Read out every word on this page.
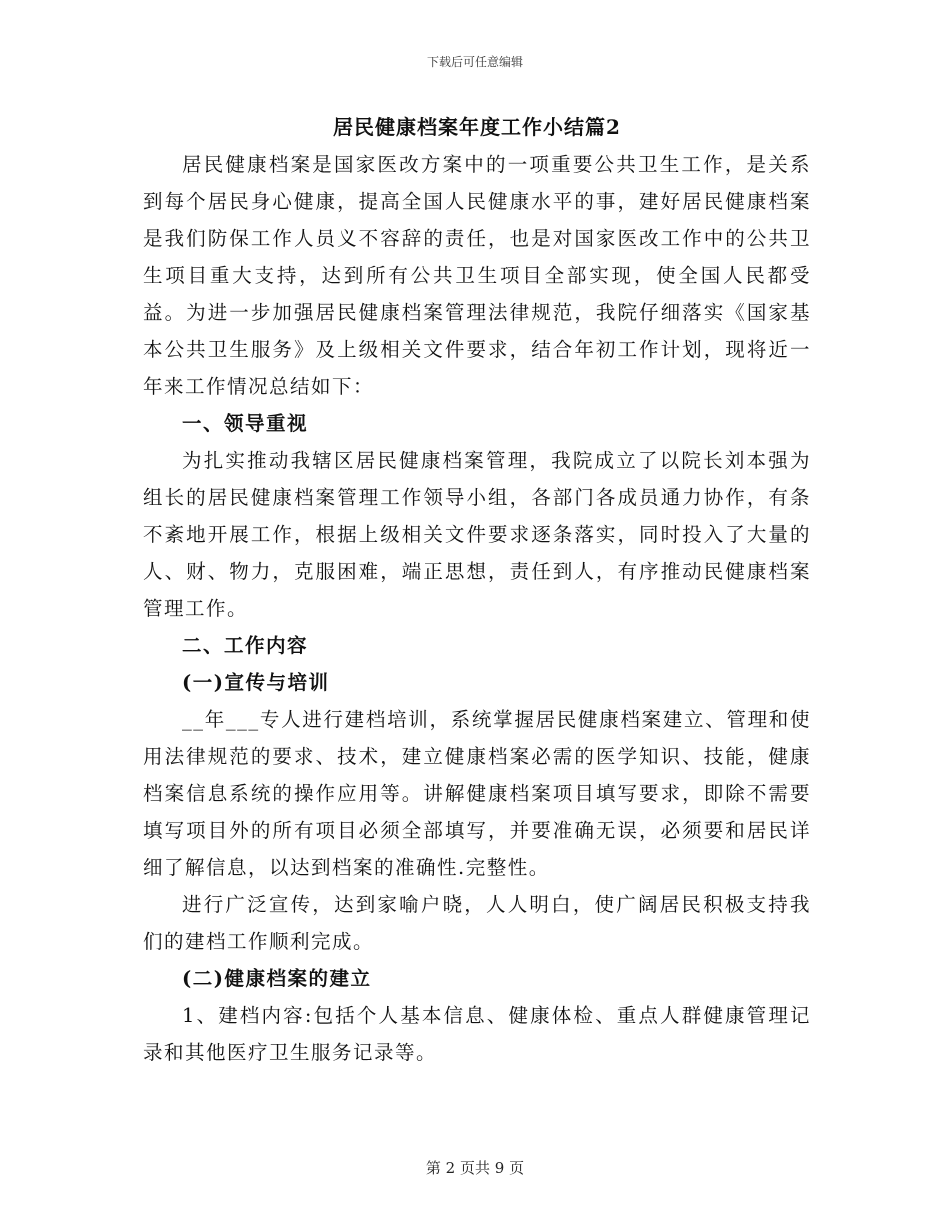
下载后可任意编辑
居民健康档案年度工作小结篇2

居民健康档案是国家医改方案中的一项重要公共卫生工作，是关系到每个居民身心健康，提高全国人民健康水平的事，建好居民健康档案是我们防保工作人员义不容辞的责任，也是对国家医改工作中的公共卫生项目重大支持，达到所有公共卫生项目全部实现，使全国人民都受益。为进一步加强居民健康档案管理法律规范，我院仔细落实《国家基本公共卫生服务》及上级相关文件要求，结合年初工作计划，现将近一年来工作情况总结如下：

一、领导重视

为扎实推动我辖区居民健康档案管理，我院成立了以院长刘本强为组长的居民健康档案管理工作领导小组，各部门各成员通力协作，有条不紊地开展工作，根据上级相关文件要求逐条落实，同时投入了大量的人、财、物力，克服困难，端正思想，责任到人，有序推动民健康档案管理工作。

二、工作内容

(一)宣传与培训

__年___专人进行建档培训，系统掌握居民健康档案建立、管理和使用法律规范的要求、技术，建立健康档案必需的医学知识、技能，健康档案信息系统的操作应用等。讲解健康档案项目填写要求，即除不需要填写项目外的所有项目必须全部填写，并要准确无误，必须要和居民详细了解信息，以达到档案的准确性.完整性。

进行广泛宣传，达到家喻户晓，人人明白，使广阔居民积极支持我们的建档工作顺利完成。

(二)健康档案的建立

1、建档内容:包括个人基本信息、健康体检、重点人群健康管理记录和其他医疗卫生服务记录等。

第 2 页共 9 页
